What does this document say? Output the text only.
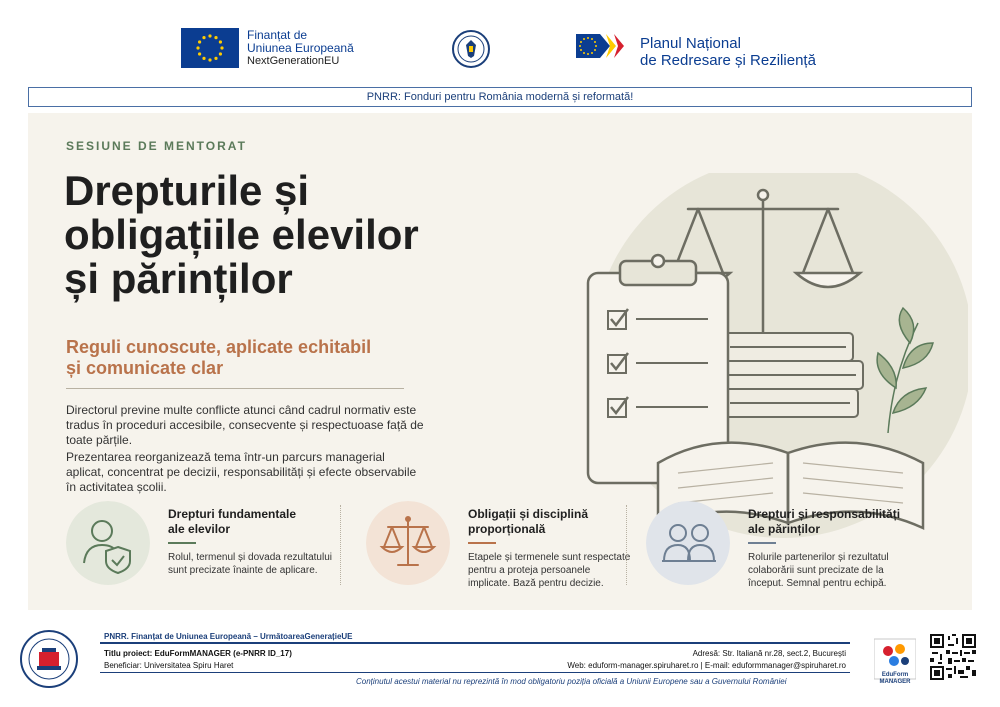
Finanțat de
Uniunea Europeană
NextGenerationEU
Planul Național
de Redresare și Reziliență
PNRR: Fonduri pentru România modernă și reformată!
SESIUNE DE MENTORAT
Drepturile și
obligațiile elevilor
și părinților
Reguli cunoscute, aplicate echitabil
și comunicate clar
Directorul previne multe conflicte atunci când cadrul normativ este tradus în proceduri accesibile, consecvente și respectuoase față de toate părțile.
Prezentarea reorganizează tema într-un parcurs managerial aplicat, concentrat pe decizii, responsabilități și efecte observabile în activitatea școlii.
Drepturi fundamentale
ale elevilor
Rolul, termenul și dovada rezultatului sunt precizate înainte de aplicare.
Obligații și disciplină
proporțională
Etapele și termenele sunt respectate pentru a proteja persoanele implicate. Bază pentru decizie.
Drepturi și responsabilități
ale părinților
Rolurile partenerilor și rezultatul colaborării sunt precizate de la început. Semnal pentru echipă.
PNRR. Finanțat de Uniunea Europeană – UrmătoareaGenerațieUE
Titlu proiect: EduFormMANAGER (e-PNRR ID_17)
Beneficiar: Universitatea Spiru Haret
Adresă: Str. Italiană nr.28, sect.2, București
Web: eduform-manager.spiruharet.ro | E-mail: eduformmanager@spiruharet.ro
Conținutul acestui material nu reprezintă în mod obligatoriu poziția oficială a Uniunii Europene sau a Guvernului României
EduForm
MANAGER
